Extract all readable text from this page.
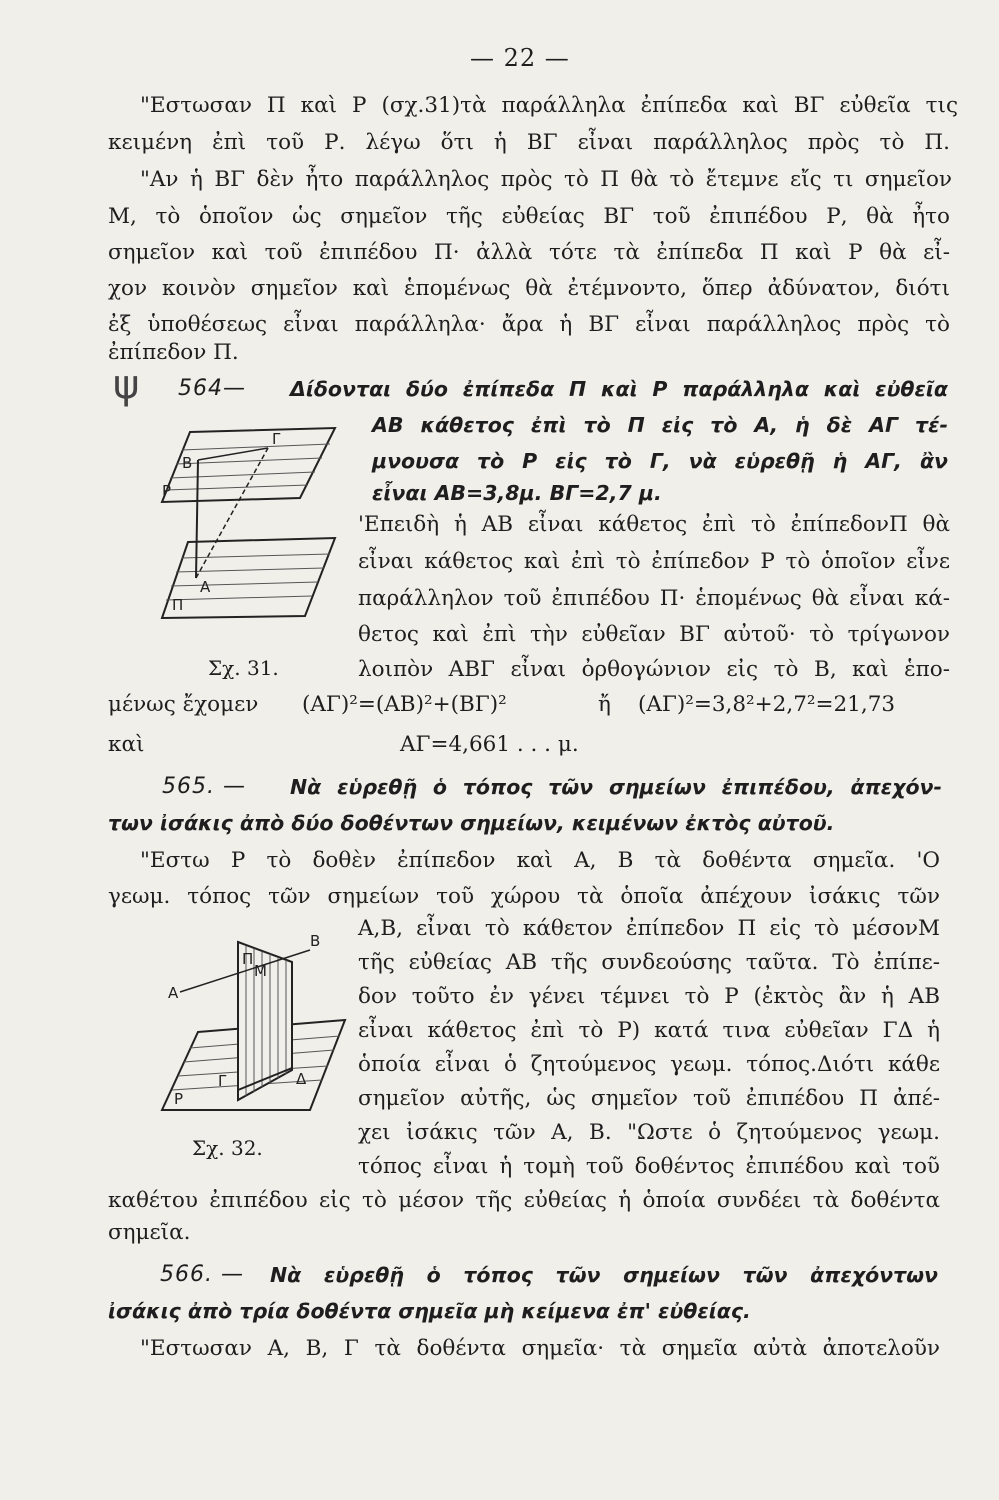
— 22 —
"Εστωσαν Π καὶ Ρ (σχ.31)τὰ παράλληλα ἐπίπεδα καὶ ΒΓ εὐθεῖα τις
κειμένη ἐπὶ τοῦ Ρ. λέγω ὅτι ἡ ΒΓ εἶναι παράλληλος πρὸς τὸ Π.
"Αν ἡ ΒΓ δὲν ἦτο παράλληλος πρὸς τὸ Π θὰ τὸ ἔτεμνε εἴς τι σημεῖον
Μ, τὸ ὁποῖον ὡς σημεῖον τῆς εὐθείας ΒΓ τοῦ ἐπιπέδου Ρ, θὰ ἦτο
σημεῖον καὶ τοῦ ἐπιπέδου Π· ἀλλὰ τότε τὰ ἐπίπεδα Π καὶ Ρ θὰ εἶ-
χον κοινὸν σημεῖον καὶ ἑπομένως θὰ ἐτέμνοντο, ὅπερ ἀδύνατον, διότι
ἐξ ὑποθέσεως εἶναι παράλληλα· ἄρα ἡ ΒΓ εἶναι παράλληλος πρὸς τὸ
ἐπίπεδον Π.
ψ 564— Δίδονται δύο ἐπίπεδα Π καὶ Ρ παράλληλα καὶ εὐθεῖα
ΑΒ κάθετος ἐπὶ τὸ Π εἰς τὸ Α, ἡ δὲ ΑΓ τέ-
μνουσα τὸ Ρ εἰς τὸ Γ, νὰ εὑρεθῇ ἡ ΑΓ, ἂν
εἶναι ΑΒ=3,8μ. ΒΓ=2,7 μ.
Γ
Β
Ρ
Α
Π
Σχ. 31.
'Επειδὴ ἡ ΑΒ εἶναι κάθετος ἐπὶ τὸ ἐπίπεδονΠ θὰ
εἶναι κάθετος καὶ ἐπὶ τὸ ἐπίπεδον Ρ τὸ ὁποῖον εἶνε
παράλληλον τοῦ ἐπιπέδου Π· ἑπομένως θὰ εἶναι κά-
θετος καὶ ἐπὶ τὴν εὐθεῖαν ΒΓ αὐτοῦ· τὸ τρίγωνον
λοιπὸν ΑΒΓ εἶναι ὀρθογώνιον εἰς τὸ Β, καὶ ἑπο-
μένως ἔχομεν (ΑΓ)²=(ΑΒ)²+(ΒΓ)²	ἤ (ΑΓ)²=3,8²+2,7²=21,73
καὶ	ΑΓ=4,661 . . . μ.
565. — Νὰ εὑρεθῇ ὁ τόπος τῶν σημείων ἐπιπέδου, ἀπεχόν-
των ἰσάκις ἀπὸ δύο δοθέντων σημείων, κειμένων ἐκτὸς αὐτοῦ.
"Εστω Ρ τὸ δοθὲν ἐπίπεδον καὶ Α, Β τὰ δοθέντα σημεῖα. 'Ο
γεωμ. τόπος τῶν σημείων τοῦ χώρου τὰ ὁποῖα ἀπέχουν ἰσάκις τῶν
Α,Β, εἶναι τὸ κάθετον ἐπίπεδον Π εἰς τὸ μέσονΜ
τῆς εὐθείας ΑΒ τῆς συνδεούσης ταῦτα. Τὸ ἐπίπε-
δον τοῦτο ἐν γένει τέμνει τὸ Ρ (ἐκτὸς ἂν ἡ ΑΒ
εἶναι κάθετος ἐπὶ τὸ Ρ) κατά τινα εὐθεῖαν ΓΔ ἡ
ὁποία εἶναι ὁ ζητούμενος γεωμ. τόπος.Διότι κάθε
σημεῖον αὐτῆς, ὡς σημεῖον τοῦ ἐπιπέδου Π ἀπέ-
χει ἰσάκις τῶν Α, Β. "Ωστε ὁ ζητούμενος γεωμ.
τόπος εἶναι ἡ τομὴ τοῦ δοθέντος ἐπιπέδου καὶ τοῦ
Β
Π
Α
Μ
Ρ
Γ	Δ
Σχ. 32.
καθέτου ἐπιπέδου εἰς τὸ μέσον τῆς εὐθείας ἡ ὁποία συνδέει τὰ δοθέντα
σημεῖα.
566. — Νὰ εὑρεθῇ ὁ τόπος τῶν σημείων τῶν ἀπεχόντων
ἰσάκις ἀπὸ τρία δοθέντα σημεῖα μὴ κείμενα ἐπ' εὐθείας.
"Εστωσαν Α, Β, Γ τὰ δοθέντα σημεῖα· τὰ σημεῖα αὐτὰ ἀποτελοῦν
